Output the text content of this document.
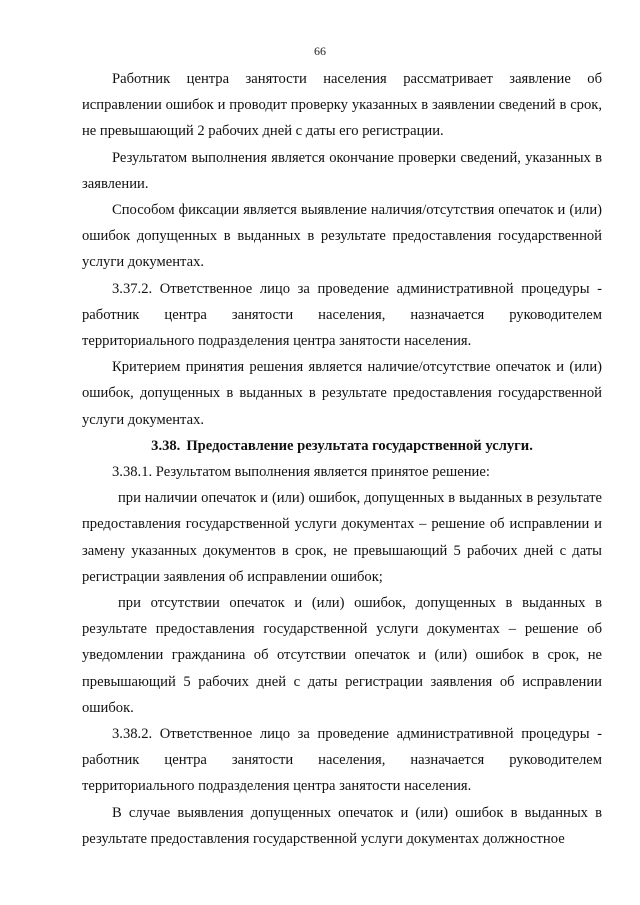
66

Работник центра занятости населения рассматривает заявление об исправлении ошибок и проводит проверку указанных в заявлении сведений в срок, не превышающий 2 рабочих дней с даты его регистрации.

Результатом выполнения является окончание проверки сведений, указанных в заявлении.

Способом фиксации является выявление наличия/отсутствия опечаток и (или) ошибок допущенных в выданных в результате предоставления государственной услуги документах.

3.37.2. Ответственное лицо за проведение административной процедуры - работник центра занятости населения, назначается руководителем территориального подразделения центра занятости населения.

Критерием принятия решения является наличие/отсутствие опечаток и (или) ошибок, допущенных в выданных в результате предоставления государственной услуги документах.

3.38. Предоставление результата государственной услуги.

3.38.1. Результатом выполнения является принятое решение:

при наличии опечаток и (или) ошибок, допущенных в выданных в результате предоставления государственной услуги документах – решение об исправлении и замену указанных документов в срок, не превышающий 5 рабочих дней с даты регистрации заявления об исправлении ошибок;

при отсутствии опечаток и (или) ошибок, допущенных в выданных в результате предоставления государственной услуги документах – решение об уведомлении гражданина об отсутствии опечаток и (или) ошибок в срок, не превышающий 5 рабочих дней с даты регистрации заявления об исправлении ошибок.

3.38.2. Ответственное лицо за проведение административной процедуры - работник центра занятости населения, назначается руководителем территориального подразделения центра занятости населения.

В случае выявления допущенных опечаток и (или) ошибок в выданных в результате предоставления государственной услуги документах должностное
